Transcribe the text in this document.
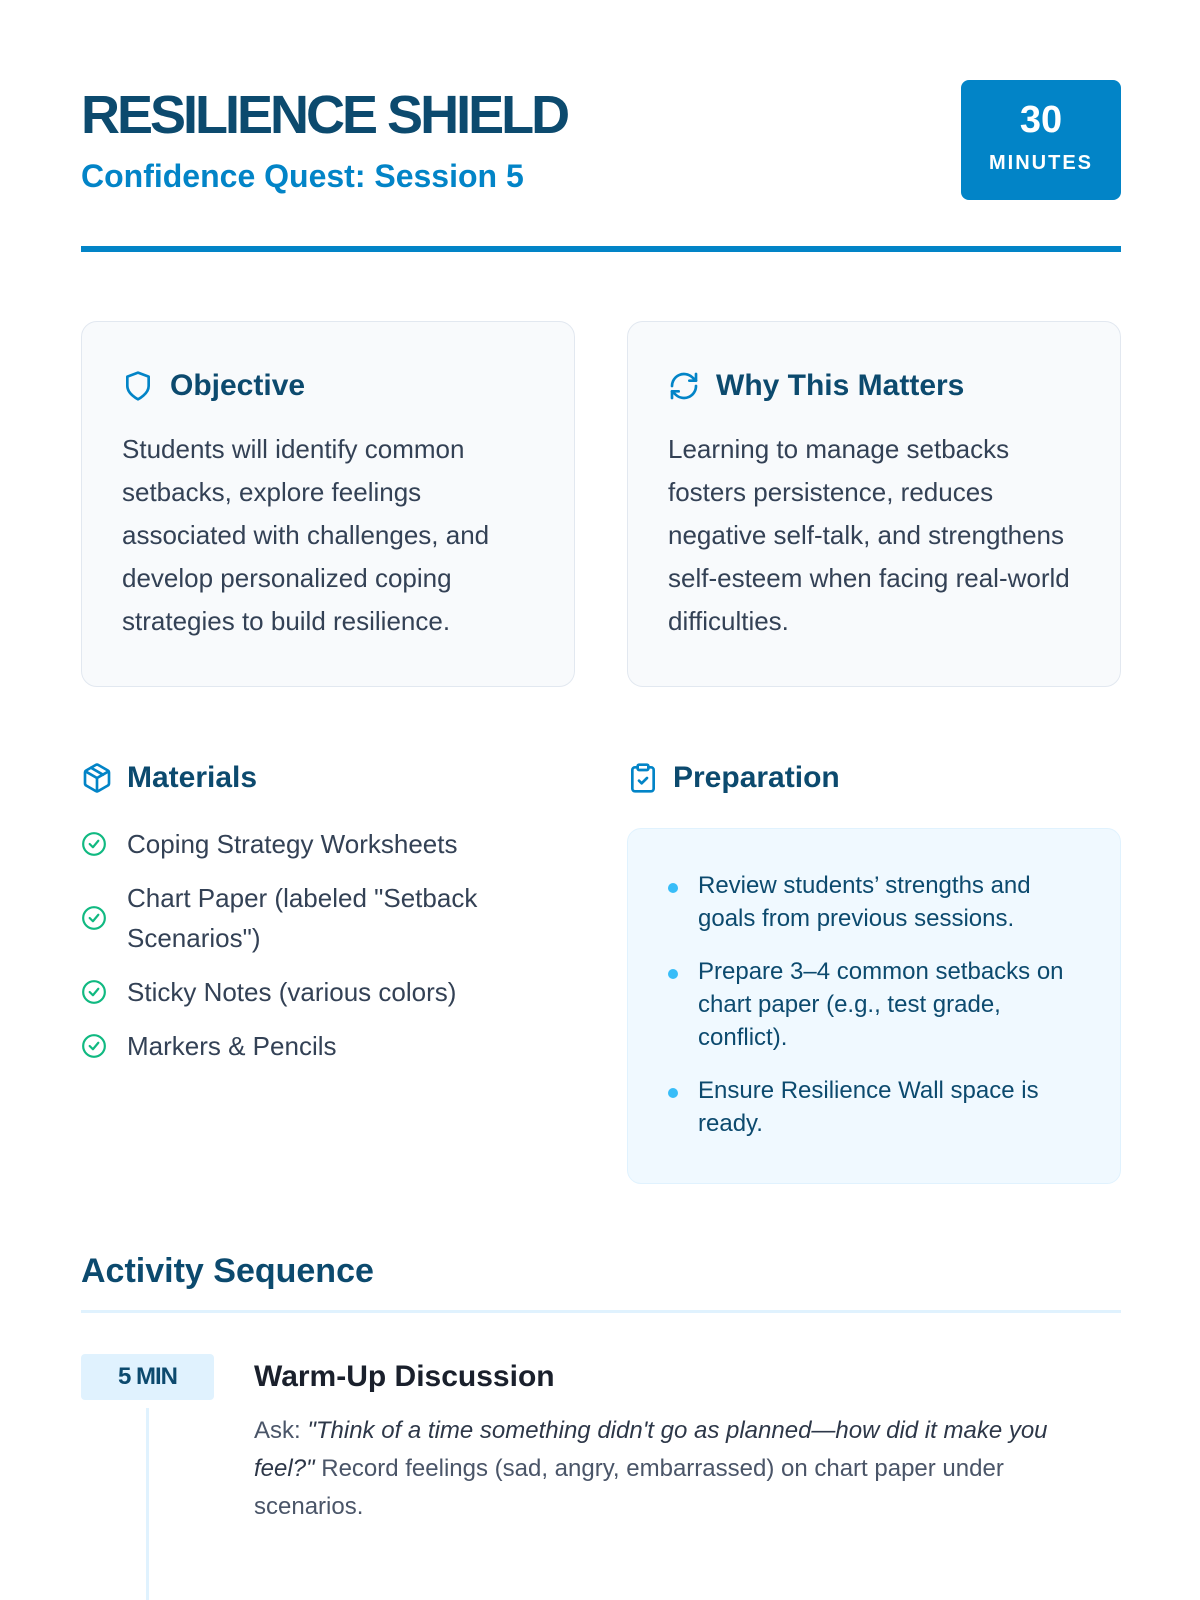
RESILIENCE SHIELD
Confidence Quest: Session 5
30
MINUTES
Objective

Students will identify common setbacks, explore feelings associated with challenges, and develop personalized coping strategies to build resilience.

Why This Matters

Learning to manage setbacks fosters persistence, reduces negative self-talk, and strengthens self-esteem when facing real-world difficulties.

Materials
Coping Strategy Worksheets
Chart Paper (labeled "Setback Scenarios")
Sticky Notes (various colors)
Markers & Pencils
Preparation
Review students’ strengths and goals from previous sessions.
Prepare 3–4 common setbacks on chart paper (e.g., test grade, conflict).
Ensure Resilience Wall space is ready.
Activity Sequence
5 MIN	Warm-Up Discussion

Ask: "Think of a time something didn't go as planned—how did it make you feel?" Record feelings (sad, angry, embarrassed) on chart paper under scenarios.
